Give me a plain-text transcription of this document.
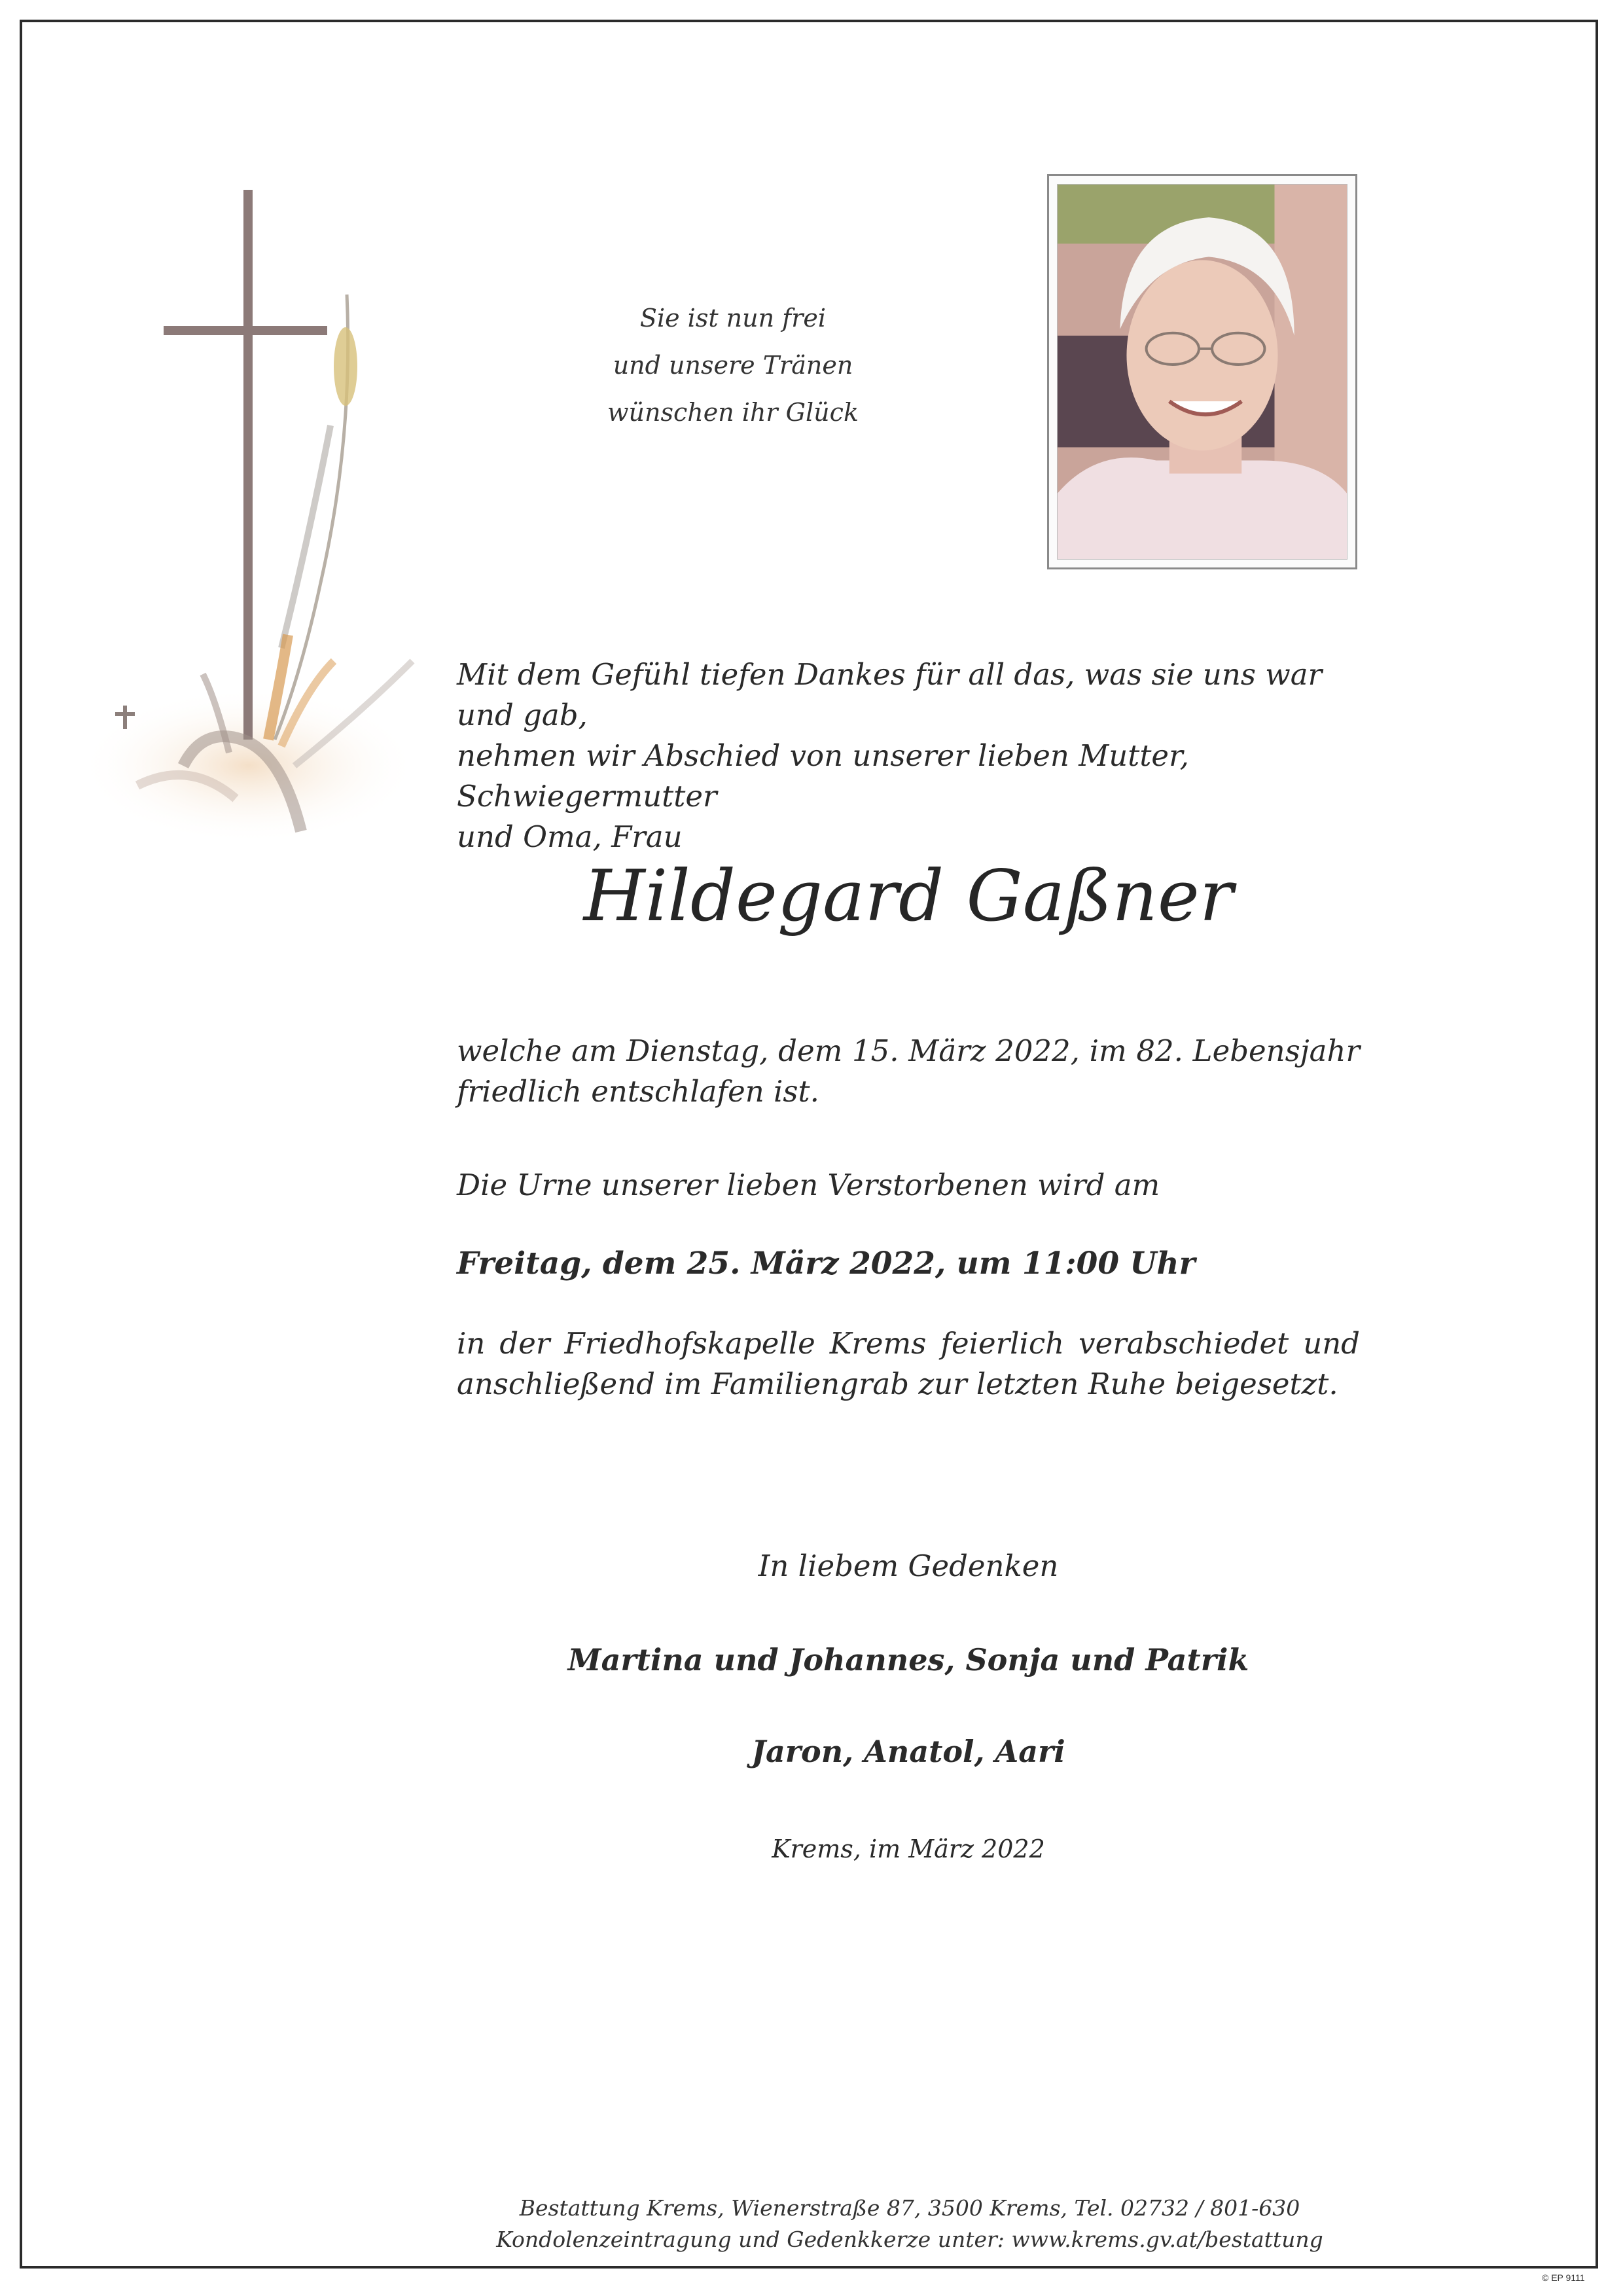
Sie ist nun frei
und unsere Tränen
wünschen ihr Glück
Mit dem Gefühl tiefen Dankes für all das, was sie uns war und gab,
nehmen wir Abschied von unserer lieben Mutter, Schwiegermutter
und Oma, Frau
Hildegard Gaßner
welche am Dienstag, dem 15. März 2022, im 82. Lebensjahr
friedlich entschlafen ist.
Die Urne unserer lieben Verstorbenen wird am
Freitag, dem 25. März 2022, um 11:00 Uhr
in der Friedhofskapelle Krems feierlich verabschiedet und
anschließend im Familiengrab zur letzten Ruhe beigesetzt.
In liebem Gedenken
Martina und Johannes, Sonja und Patrik
Jaron, Anatol, Aari
Krems, im März 2022
Bestattung Krems, Wienerstraße 87, 3500 Krems, Tel. 02732 / 801-630
Kondolenzeintragung und Gedenkkerze unter: www.krems.gv.at/bestattung
© EP 9111
